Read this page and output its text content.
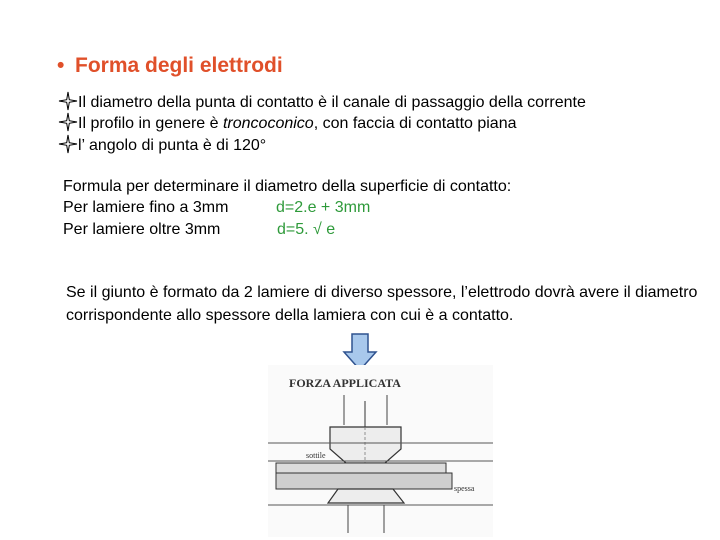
• Forma degli elettrodi
Il diametro della punta di contatto è il canale di passaggio della corrente
Il profilo in genere è troncoconico, con faccia di contatto piana
l’ angolo di punta è di 120°
Formula per determinare il diametro della superficie di contatto:
Per lamiere fino a 3mm	d=2.e + 3mm
Per lamiere oltre 3mm	d=5. √ e
Se il giunto è formato da 2 lamiere di diverso spessore, l’elettrodo dovrà avere il diametro corrispondente allo spessore della lamiera con cui è a contatto.
FORZA APPLICATA
sottile
spessa
